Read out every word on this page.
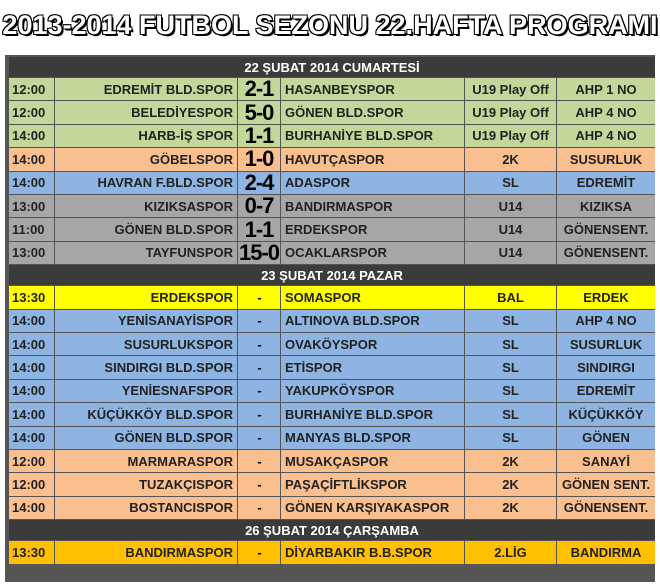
2013-2014 FUTBOL SEZONU 22.HAFTA PROGRAMI
22 ŞUBAT 2014 CUMARTESİ
12:00	EDREMİT BLD.SPOR 2-1 HASANBEYSPOR	U19 Play Off	AHP 1 NO
12:00	BELEDİYESPOR 5-0 GÖNEN BLD.SPOR	U19 Play Off	AHP 4 NO
14:00	HARB-İŞ SPOR 1-1 BURHANİYE BLD.SPOR	U19 Play Off	AHP 4 NO
14:00	GÖBELSPOR 1-0 HAVUTÇASPOR	2K	SUSURLUK
14:00	HAVRAN F.BLD.SPOR 2-4 ADASPOR	SL	EDREMİT
13:00	KIZIKSASPOR 0-7 BANDIRMASPOR	U14	KIZIKSA
11:00	GÖNEN BLD.SPOR 1-1 ERDEKSPOR	U14	GÖNENSENT.
13:00	TAYFUNSPOR 15-0 OCAKLARSPOR	U14	GÖNENSENT.
23 ŞUBAT 2014 PAZAR
13:30	ERDEKSPOR	-	SOMASPOR	BAL	ERDEK
14:00	YENİSANAYİSPOR	-	ALTINOVA BLD.SPOR	SL	AHP 4 NO
14:00	SUSURLUKSPOR	-	OVAKÖYSPOR	SL	SUSURLUK
14:00	SINDIRGI BLD.SPOR	-	ETİSPOR	SL	SINDIRGI
14:00	YENİESNAFSPOR	-	YAKUPKÖYSPOR	SL	EDREMİT
14:00	KÜÇÜKKÖY BLD.SPOR	-	BURHANİYE BLD.SPOR	SL	KÜÇÜKKÖY
14:00	GÖNEN BLD.SPOR	-	MANYAS BLD.SPOR	SL	GÖNEN
12:00	MARMARASPOR	-	MUSAKÇASPOR	2K	SANAYİ
12:00	TUZAKÇISPOR	-	PAŞAÇİFTLİKSPOR	2K	GÖNEN SENT.
14:00	BOSTANCISPOR	-	GÖNEN KARŞIYAKASPOR	2K	GÖNENSENT.
26 ŞUBAT 2014 ÇARŞAMBA
13:30	BANDIRMASPOR	-	DİYARBAKIR B.B.SPOR	2.LİG	BANDIRMA
